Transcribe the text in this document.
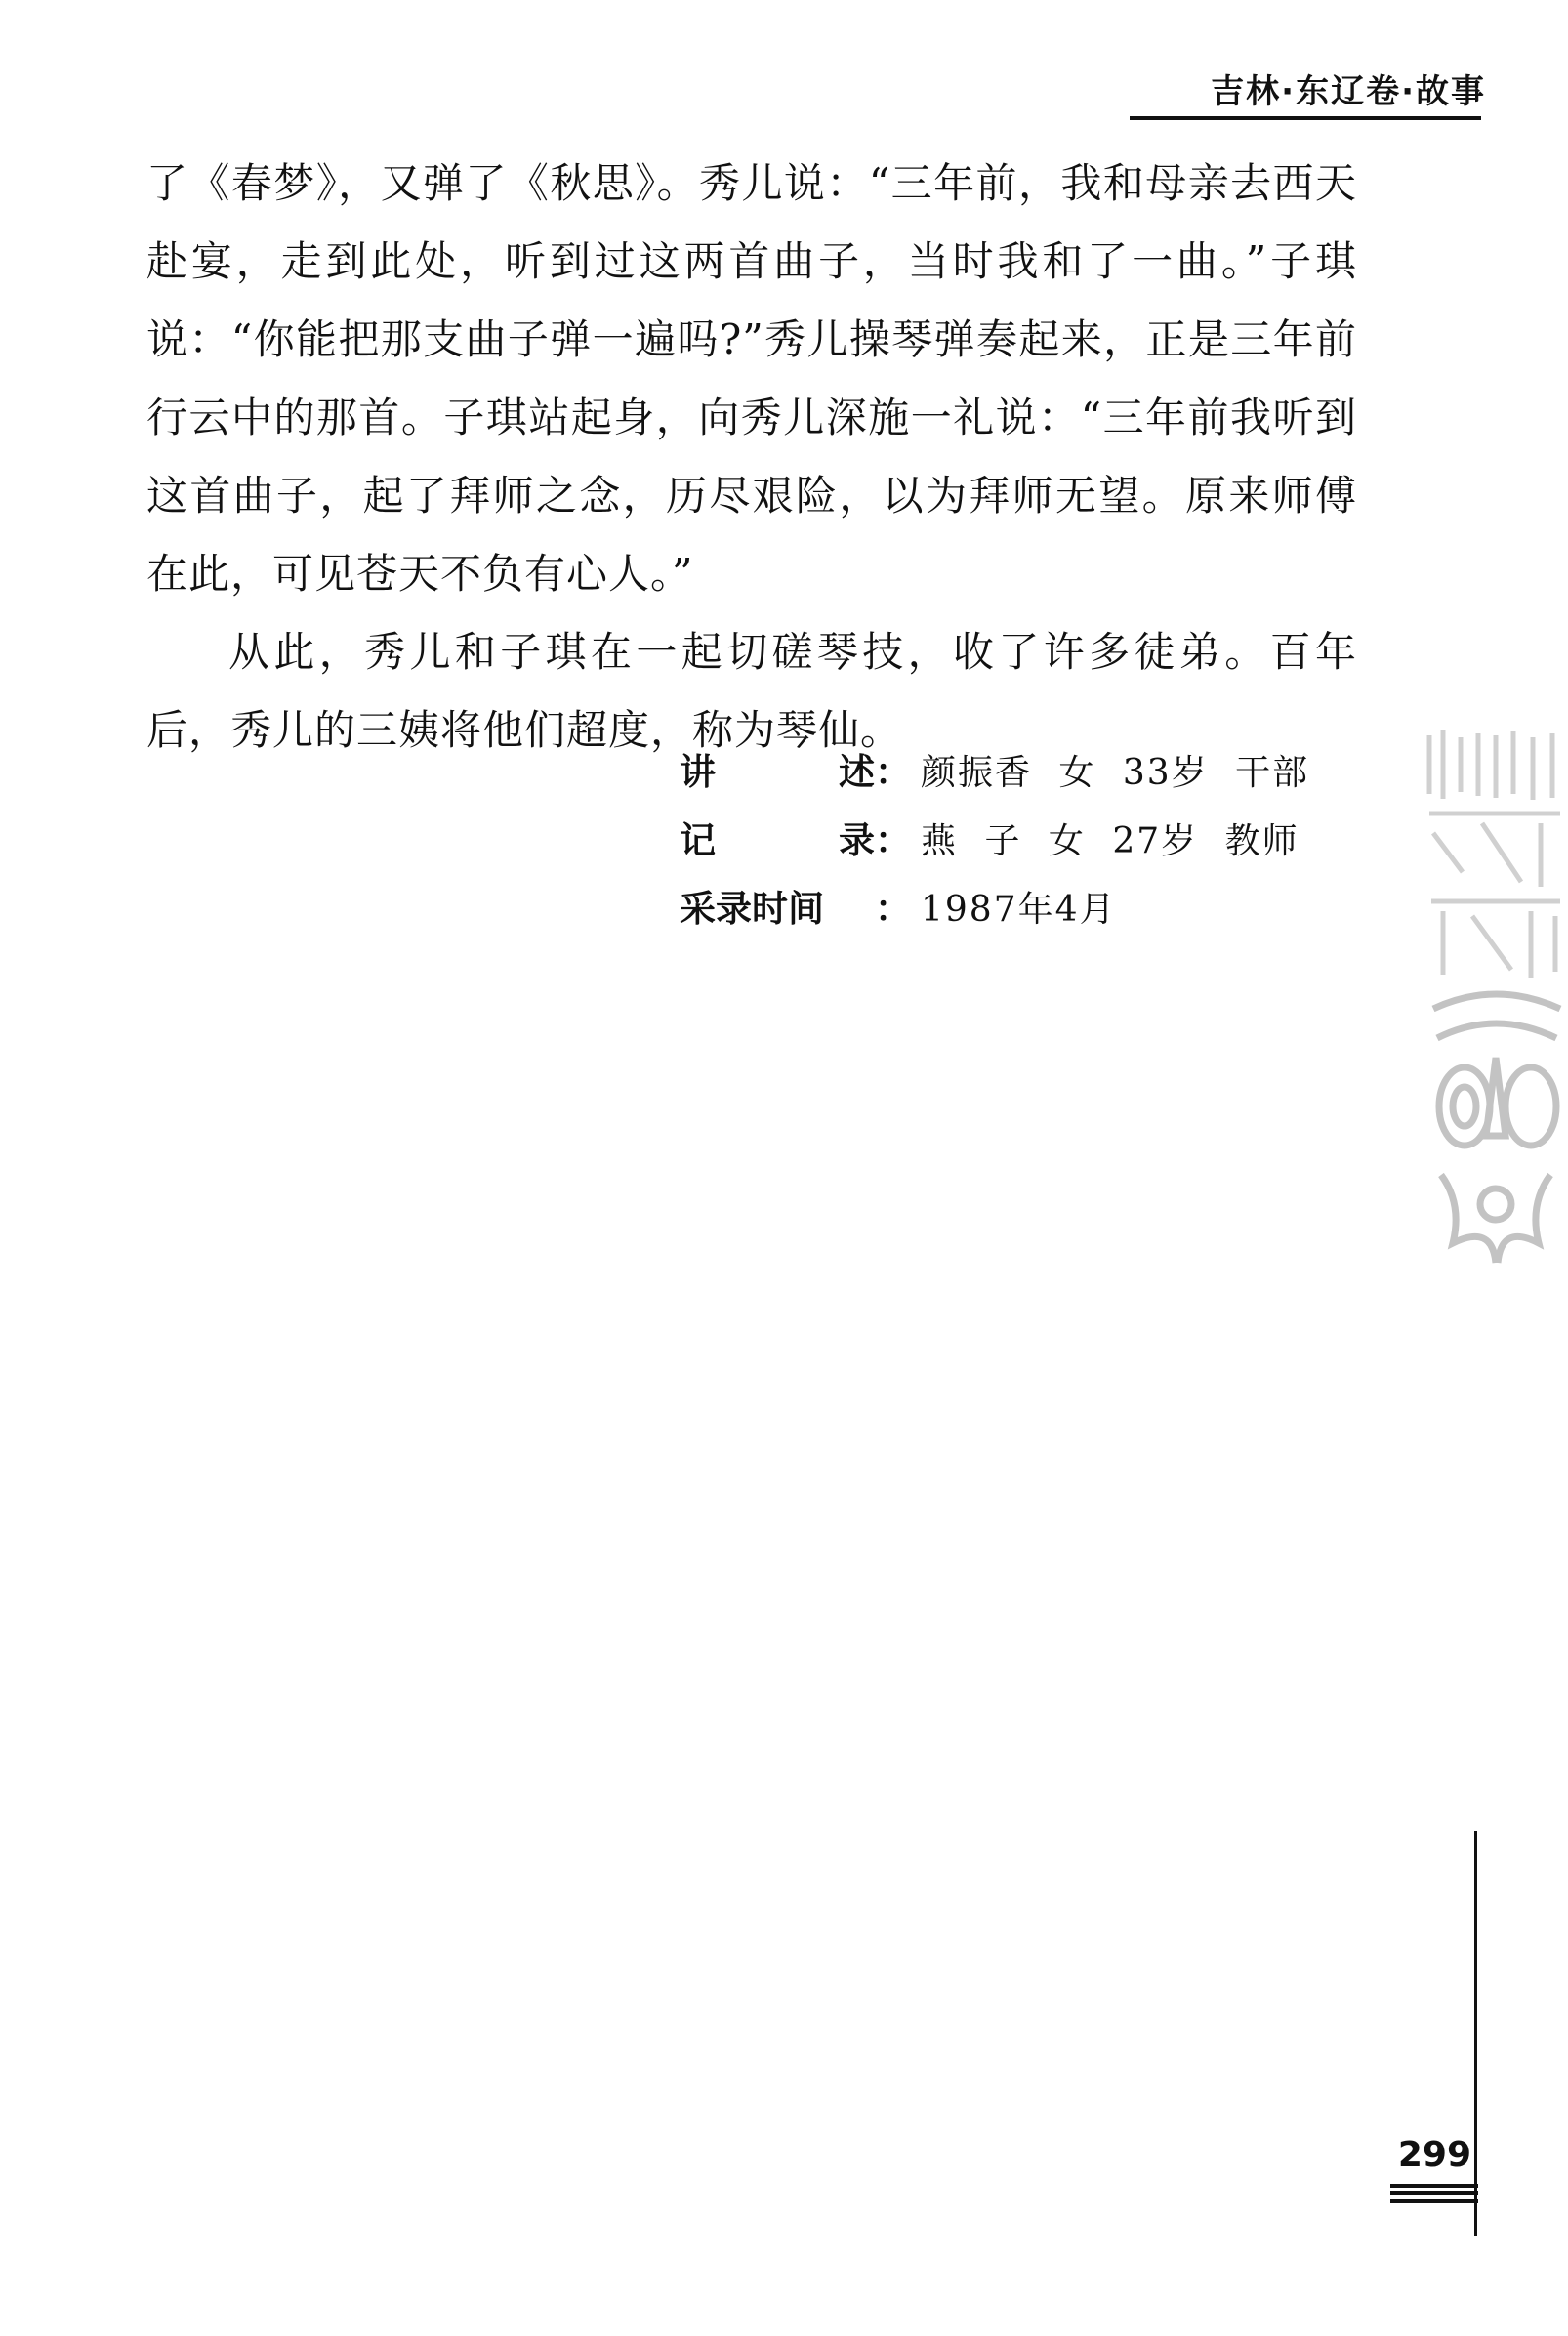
吉林·东辽卷·故事

了《春梦》，又弹了《秋思》。秀儿说：“三年前，我和母亲去西天赴宴，走到此处，听到过这两首曲子，当时我和了一曲。”子琪说：“你能把那支曲子弹一遍吗?”秀儿操琴弹奏起来，正是三年前行云中的那首。子琪站起身，向秀儿深施一礼说：“三年前我听到这首曲子，起了拜师之念，历尽艰险，以为拜师无望。原来师傅在此，可见苍天不负有心人。”

从此，秀儿和子琪在一起切磋琴技，收了许多徒弟。百年后，秀儿的三姨将他们超度，称为琴仙。

讲	述 ： 颜振香 女 33岁 干部
记	录 ： 燕 子 女 27岁 教师
采录时间	： 1987年4月
299
